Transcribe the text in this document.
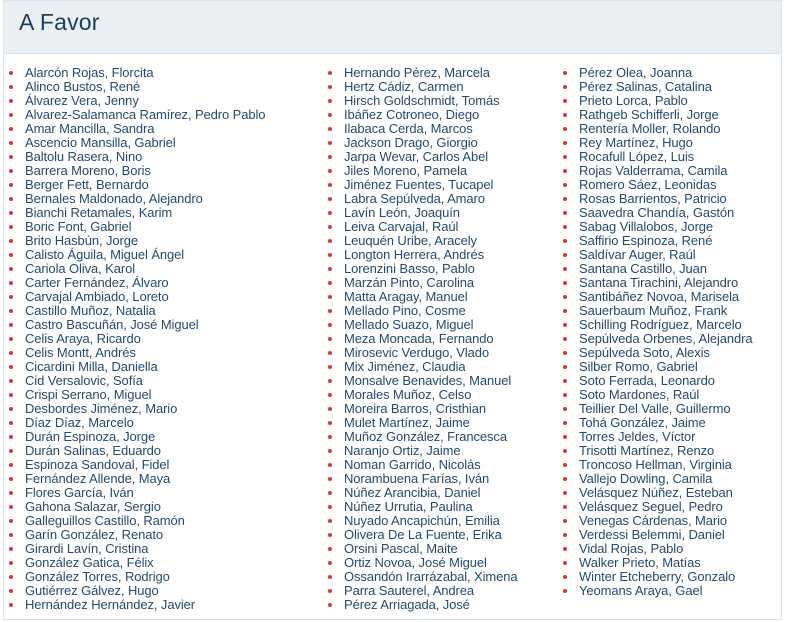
A Favor
Alarcón Rojas, Florcita
Alinco Bustos, René
Álvarez Vera, Jenny
Alvarez-Salamanca Ramírez, Pedro Pablo
Amar Mancilla, Sandra
Ascencio Mansilla, Gabriel
Baltolu Rasera, Nino
Barrera Moreno, Boris
Berger Fett, Bernardo
Bernales Maldonado, Alejandro
Bianchi Retamales, Karim
Boric Font, Gabriel
Brito Hasbún, Jorge
Calisto Águila, Miguel Ángel
Cariola Oliva, Karol
Carter Fernández, Álvaro
Carvajal Ambiado, Loreto
Castillo Muñoz, Natalia
Castro Bascuñán, José Miguel
Celis Araya, Ricardo
Celis Montt, Andrés
Cicardini Milla, Daniella
Cid Versalovic, Sofía
Crispi Serrano, Miguel
Desbordes Jiménez, Mario
Díaz Díaz, Marcelo
Durán Espinoza, Jorge
Durán Salinas, Eduardo
Espinoza Sandoval, Fidel
Fernández Allende, Maya
Flores García, Iván
Gahona Salazar, Sergio
Galleguillos Castillo, Ramón
Garín González, Renato
Girardi Lavín, Cristina
González Gatica, Félix
González Torres, Rodrigo
Gutiérrez Gálvez, Hugo
Hernández Hernández, Javier
Hernando Pérez, Marcela
Hertz Cádiz, Carmen
Hirsch Goldschmidt, Tomás
Ibáñez Cotroneo, Diego
Ilabaca Cerda, Marcos
Jackson Drago, Giorgio
Jarpa Wevar, Carlos Abel
Jiles Moreno, Pamela
Jiménez Fuentes, Tucapel
Labra Sepúlveda, Amaro
Lavín León, Joaquín
Leiva Carvajal, Raúl
Leuquén Uribe, Aracely
Longton Herrera, Andrés
Lorenzini Basso, Pablo
Marzán Pinto, Carolina
Matta Aragay, Manuel
Mellado Pino, Cosme
Mellado Suazo, Miguel
Meza Moncada, Fernando
Mirosevic Verdugo, Vlado
Mix Jiménez, Claudia
Monsalve Benavides, Manuel
Morales Muñoz, Celso
Moreira Barros, Cristhian
Mulet Martínez, Jaime
Muñoz González, Francesca
Naranjo Ortiz, Jaime
Noman Garrido, Nicolás
Norambuena Farías, Iván
Núñez Arancibia, Daniel
Núñez Urrutia, Paulina
Nuyado Ancapichún, Emilia
Olivera De La Fuente, Erika
Orsini Pascal, Maite
Ortiz Novoa, José Miguel
Ossandón Irarrázabal, Ximena
Parra Sauterel, Andrea
Pérez Arriagada, José
Pérez Olea, Joanna
Pérez Salinas, Catalina
Prieto Lorca, Pablo
Rathgeb Schifferli, Jorge
Rentería Moller, Rolando
Rey Martínez, Hugo
Rocafull López, Luis
Rojas Valderrama, Camila
Romero Sáez, Leonidas
Rosas Barrientos, Patricio
Saavedra Chandía, Gastón
Sabag Villalobos, Jorge
Saffirio Espinoza, René
Saldívar Auger, Raúl
Santana Castillo, Juan
Santana Tirachini, Alejandro
Santibáñez Novoa, Marisela
Sauerbaum Muñoz, Frank
Schilling Rodríguez, Marcelo
Sepúlveda Orbenes, Alejandra
Sepúlveda Soto, Alexis
Silber Romo, Gabriel
Soto Ferrada, Leonardo
Soto Mardones, Raúl
Teillier Del Valle, Guillermo
Tohá González, Jaime
Torres Jeldes, Víctor
Trisotti Martínez, Renzo
Troncoso Hellman, Virginia
Vallejo Dowling, Camila
Velásquez Núñez, Esteban
Velásquez Seguel, Pedro
Venegas Cárdenas, Mario
Verdessi Belemmi, Daniel
Vidal Rojas, Pablo
Walker Prieto, Matías
Winter Etcheberry, Gonzalo
Yeomans Araya, Gael
